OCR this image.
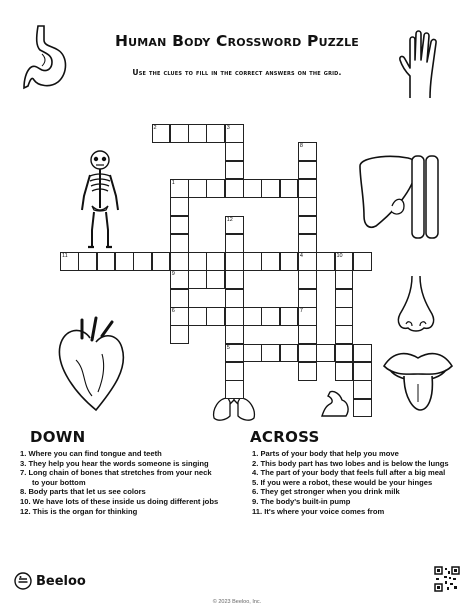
Human Body Crossword Puzzle
Use the clues to fill in the correct answers on the grid.
2	3
8
4
1
9
6
12
11	10
7
5
DOWN
1. Where you can find tongue and teeth
3. They help you hear the words someone is singing
7. Long chain of bones that stretches from your neck to your bottom
8. Body parts that let us see colors
10. We have lots of these inside us doing different jobs
12. This is the organ for thinking
ACROSS
1. Parts of your body that help you move
2. This body part has two lobes and is below the lungs
4. The part of your body that feels full after a big meal
5. If you were a robot, these would be your hinges
6. They get stronger when you drink milk
9. The body's built-in pump
11. It's where your voice comes from
Beeloo
© 2023 Beeloo, Inc.
